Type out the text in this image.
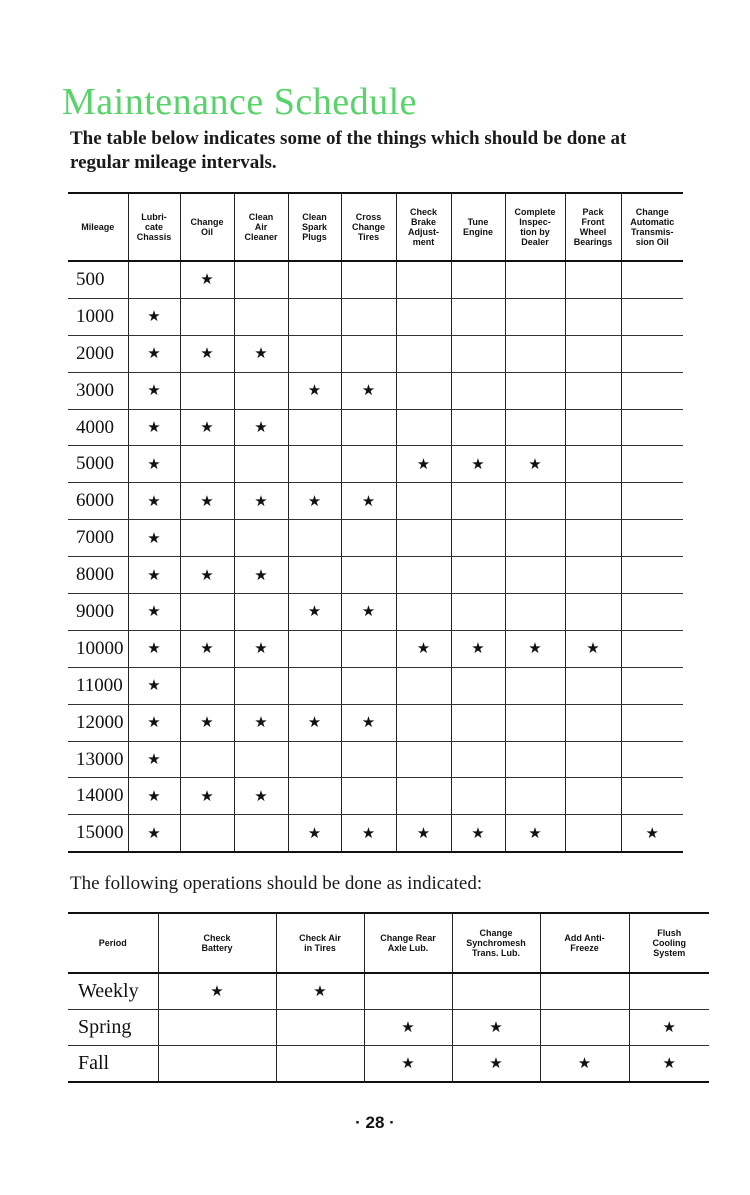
Maintenance Schedule
The table below indicates some of the things which should be done at regular mileage intervals.
Mileage	Lubri-
cate
Chassis	Change
Oil	Clean
Air
Cleaner	Clean
Spark
Plugs	Cross
Change
Tires	Check
Brake
Adjust-
ment	Tune
Engine	Complete
Inspec-
tion by
Dealer	Pack
Front
Wheel
Bearings	Change
Automatic
Transmis-
sion Oil
500		★								
1000	★									
2000	★	★	★							
3000	★			★	★					
4000	★	★	★							
5000	★					★	★	★		
6000	★	★	★	★	★					
7000	★									
8000	★	★	★							
9000	★			★	★					
10000	★	★	★			★	★	★	★	
11000	★									
12000	★	★	★	★	★					
13000	★									
14000	★	★	★							
15000	★			★	★	★	★	★		★
The following operations should be done as indicated:
Period	Check
Battery	Check Air
in Tires	Change Rear
Axle Lub.	Change
Synchromesh
Trans. Lub.	Add Anti-
Freeze	Flush
Cooling
System
Weekly	★	★				
Spring			★	★		★
Fall			★	★	★	★
· 28 ·
